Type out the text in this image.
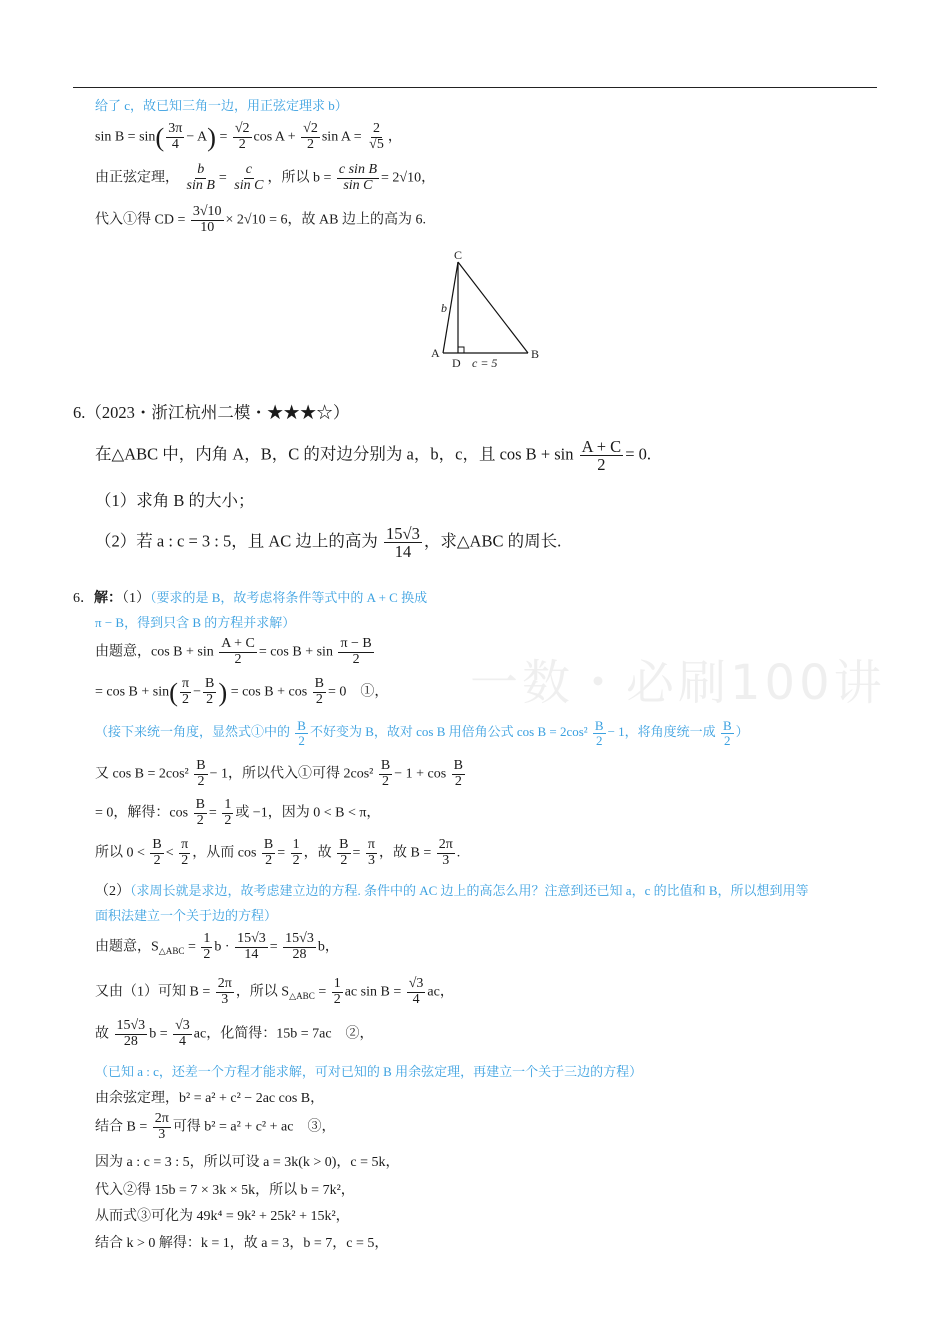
一数・必刷100讲
给了 c，故已知三角一边，用正弦定理求 b）
$\sin B = \sin( \frac{3\pi}{4} - A) = \frac{√2}{2}$ $\cos A + \frac{√2}{2}$ $\sin A = \frac{2}{√5}$ ，
由正弦定理， $\frac{b}{\text{sin B}} = \frac{c}{\text{sin C}}$ ，所以 $b = \frac{\text{c sin B}}{\text{sin C}} = 2√10$，
代入①得 CD = $\frac{3√10}{10} \times 2√10 = 6$，故 AB 边上的高为 6.
C
A	B
D
b
c = 5
6.（2023・浙江杭州二模・★★★☆）
在△ABC 中，内角 A，B，C 的对边分别为 a，b，c，且 $\cos B + \sin \frac{A + C}{2} = 0$.
（1）求角 B 的大小；
（2）若 a : c = 3 : 5，且 AC 边上的高为 $\frac{15√3}{14}$ ，求△ABC 的周长.
6．解：（1）（要求的是 B，故考虑将条件等式中的 A + C 换成
π − B，得到只含 B 的方程并求解）
由题意，$\cos B + \sin \frac{A + C}{2} = \cos B + \sin \frac{\pi - B}{2}$
= $\cos B + \sin( \frac{\pi}{2} - \frac{B}{2}$ ) = $\cos B + \cos \frac{B}{2} = 0$　①，
（接下来统一角度，显然式①中的 $\frac{B}{2}$ 不好变为 B，故对 cos B 用倍角公式 $\cos B = 2\cos^2 \frac{B}{2} - 1$，将角度统一成 $\frac{B}{2}$ ）
又 $\cos B = 2\cos^2 \frac{B}{2} - 1$，所以代入①可得 $2\cos^2 \frac{B}{2} - 1 + \cos \frac{B}{2}$
= 0，解得：$\cos \frac{B}{2} = \frac{1}{2}$ 或 −1，因为 0 < B < π，
所以 $0 < \frac{B}{2} < \frac{\pi}{2}$ ，从而 $\cos \frac{B}{2} = \frac{1}{2}$ ，故 $\frac{B}{2} = \frac{\pi}{3}$ ，故 $B = \frac{2\pi}{3}$ .
（2）（求周长就是求边，故考虑建立边的方程. 条件中的 AC 边上的高怎么用？注意到还已知 a，c 的比值和 B，所以想到用等
面积法建立一个关于边的方程）
由题意，$S_{\triangle ABC} = \frac{1}{2}$ $b \cdot \frac{15√3}{14} = \frac{15√3}{28}$ b，
又由（1）可知 $B = \frac{2\pi}{3}$ ，所以 $S_{\triangle ABC} = \frac{1}{2}$ ac $\sin B = \frac{√3}{4}$ ac，
故 $\frac{15√3}{28}$ $b = \frac{√3}{4}$ ac，化简得：15b = 7ac　②，
（已知 a : c，还差一个方程才能求解，可对已知的 B 用余弦定理，再建立一个关于三边的方程）
由余弦定理，b² = a² + c² − 2ac cos B，
结合 $B = \frac{2\pi}{3}$ 可得 b² = a² + c² + ac　③，
因为 a : c = 3 : 5，所以可设 a = 3k(k > 0)，c = 5k，
代入②得 15b = 7 × 3k × 5k，所以 b = 7k²，
从而式③可化为 49k⁴ = 9k² + 25k² + 15k²，
结合 k > 0 解得：k = 1，故 a = 3，b = 7，c = 5，
